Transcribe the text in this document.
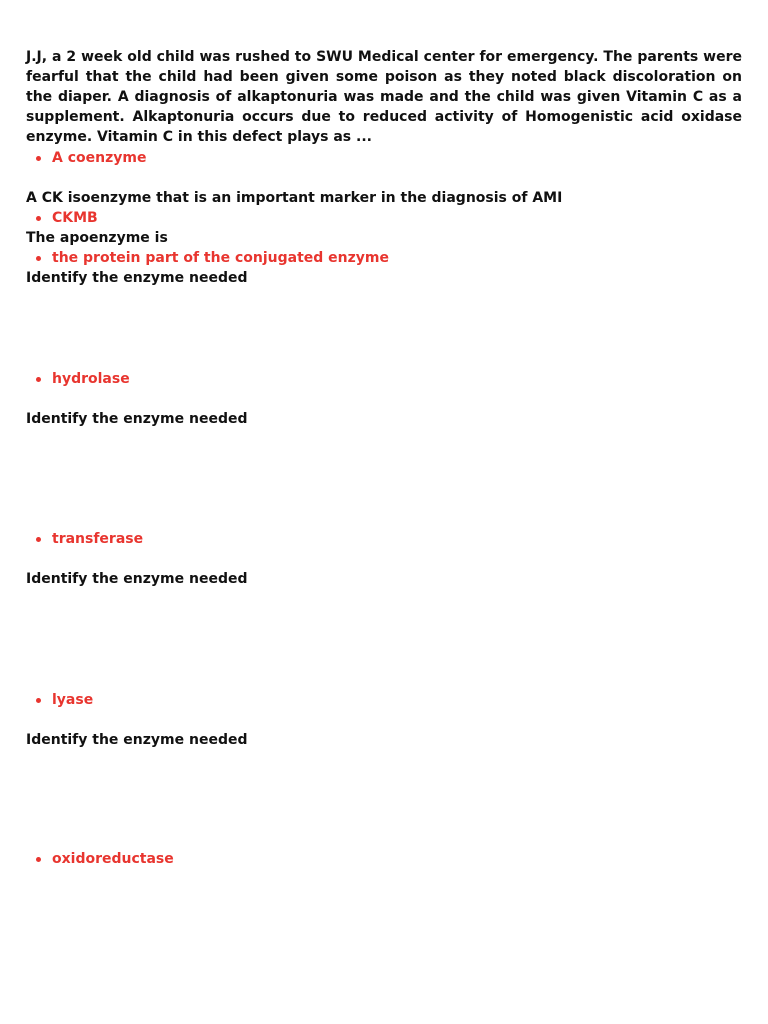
J.J, a 2 week old child was rushed to SWU Medical center for emergency. The parents were fearful that the child had been given some poison as they noted black discoloration on the diaper. A diagnosis of alkaptonuria was made and the child was given Vitamin C as a supplement. Alkaptonuria occurs due to reduced activity of Homogenistic acid oxidase enzyme. Vitamin C in this defect plays as ...

A coenzyme

A CK isoenzyme that is an important marker in the diagnosis of AMI

CKMB

The apoenzyme is

the protein part of the conjugated enzyme

Identify the enzyme needed

hydrolase

Identify the enzyme needed

transferase

Identify the enzyme needed

lyase

Identify the enzyme needed

oxidoreductase
